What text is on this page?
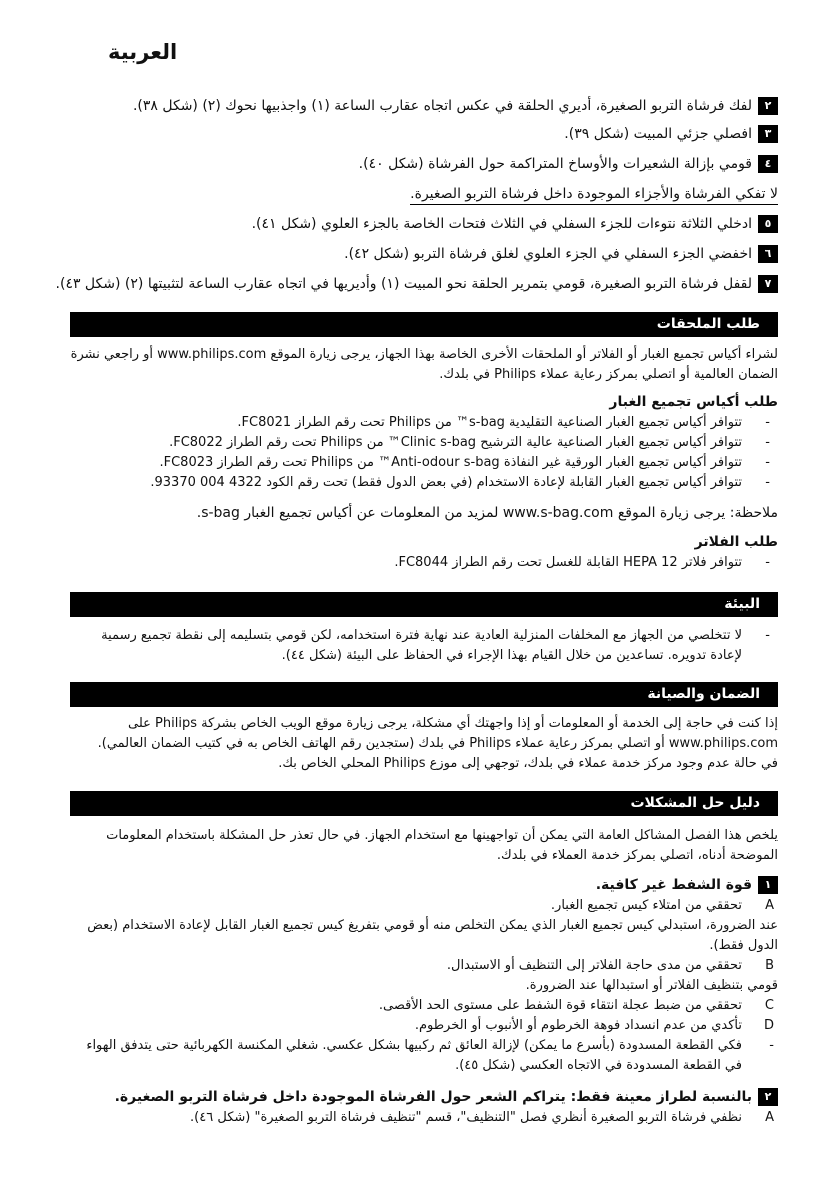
العربية
٢لفك فرشاة التربو الصغيرة، أديري الحلقة في عكس اتجاه عقارب الساعة (١) واجذبيها نحوك (٢) (شكل ٣٨).
٣افصلي جزئي المبيت (شكل ٣٩).
٤قومي بإزالة الشعيرات والأوساخ المتراكمة حول الفرشاة (شكل ٤٠).
لا تفكي الفرشاة والأجزاء الموجودة داخل فرشاة التربو الصغيرة.
٥ادخلي الثلاثة نتوءات للجزء السفلي في الثلاث فتحات الخاصة بالجزء العلوي (شكل ٤١).
٦اخفضي الجزء السفلي في الجزء العلوي لغلق فرشاة التربو (شكل ٤٢).
٧لقفل فرشاة التربو الصغيرة، قومي بتمرير الحلقة نحو المبيت (١) وأديريها في اتجاه عقارب الساعة لتثبيتها (٢) (شكل ٤٣).
طلب الملحقات
لشراء أكياس تجميع الغبار أو الفلاتر أو الملحقات الأخرى الخاصة بهذا الجهاز، يرجى زيارة الموقع www.philips.com أو راجعي نشرة الضمان العالمية أو اتصلي بمركز رعاية عملاء Philips في بلدك.
طلب أكياس تجميع الغبار
-
تتوافر أكياس تجميع الغبار الصناعية التقليدية s-bag™ من Philips تحت رقم الطراز FC8021.
-
تتوافر أكياس تجميع الغبار الصناعية عالية الترشيح Clinic s-bag™ من Philips تحت رقم الطراز FC8022.
-
تتوافر أكياس تجميع الغبار الورقية غير النفاذة Anti-odour s-bag™ من Philips تحت رقم الطراز FC8023.
-
تتوافر أكياس تجميع الغبار القابلة لإعادة الاستخدام (في بعض الدول فقط) تحت رقم الكود 4322 004 93370.
ملاحظة: يرجى زيارة الموقع www.s-bag.com لمزيد من المعلومات عن أكياس تجميع الغبار s-bag.
طلب الفلاتر
-
تتوافر فلاتر HEPA 12 القابلة للغسل تحت رقم الطراز FC8044.
البيئة
-
لا تتخلصي من الجهاز مع المخلفات المنزلية العادية عند نهاية فترة استخدامه، لكن قومي بتسليمه إلى نقطة تجميع رسمية لإعادة تدويره. تساعدين من خلال القيام بهذا الإجراء في الحفاظ على البيئة (شكل ٤٤).
الضمان والصيانة
إذا كنت في حاجة إلى الخدمة أو المعلومات أو إذا واجهتك أي مشكلة، يرجى زيارة موقع الويب الخاص بشركة Philips على www.philips.com أو اتصلي بمركز رعاية عملاء Philips في بلدك (ستجدين رقم الهاتف الخاص به في كتيب الضمان العالمي).
في حالة عدم وجود مركز خدمة عملاء في بلدك، توجهي إلى موزع Philips المحلي الخاص بك.
دليل حل المشكلات
يلخص هذا الفصل المشاكل العامة التي يمكن أن تواجهينها مع استخدام الجهاز. في حال تعذر حل المشكلة باستخدام المعلومات الموضحة أدناه، اتصلي بمركز خدمة العملاء في بلدك.
١قوة الشفط غير كافية.
A
تحققي من امتلاء كيس تجميع الغبار.
عند الضرورة، استبدلي كيس تجميع الغبار الذي يمكن التخلص منه أو قومي بتفريغ كيس تجميع الغبار القابل لإعادة الاستخدام (بعض الدول فقط).
B
تحققي من مدى حاجة الفلاتر إلى التنظيف أو الاستبدال.
قومي بتنظيف الفلاتر أو استبدالها عند الضرورة.
C
تحققي من ضبط عجلة انتقاء قوة الشفط على مستوى الحد الأقصى.
D
تأكدي من عدم انسداد فوهة الخرطوم أو الأنبوب أو الخرطوم.
-
فكي القطعة المسدودة (بأسرع ما يمكن) لإزالة العائق ثم ركبيها بشكل عكسي. شغلي المكنسة الكهربائية حتى يتدفق الهواء في القطعة المسدودة في الاتجاه العكسي (شكل ٤٥).
٢بالنسبة لطراز معينة فقط: يتراكم الشعر حول الفرشاة الموجودة داخل فرشاة التربو الصغيرة.
A
نظفي فرشاة التربو الصغيرة أنظري فصل "التنظيف"، قسم "تنظيف فرشاة التربو الصغيرة" (شكل ٤٦).
